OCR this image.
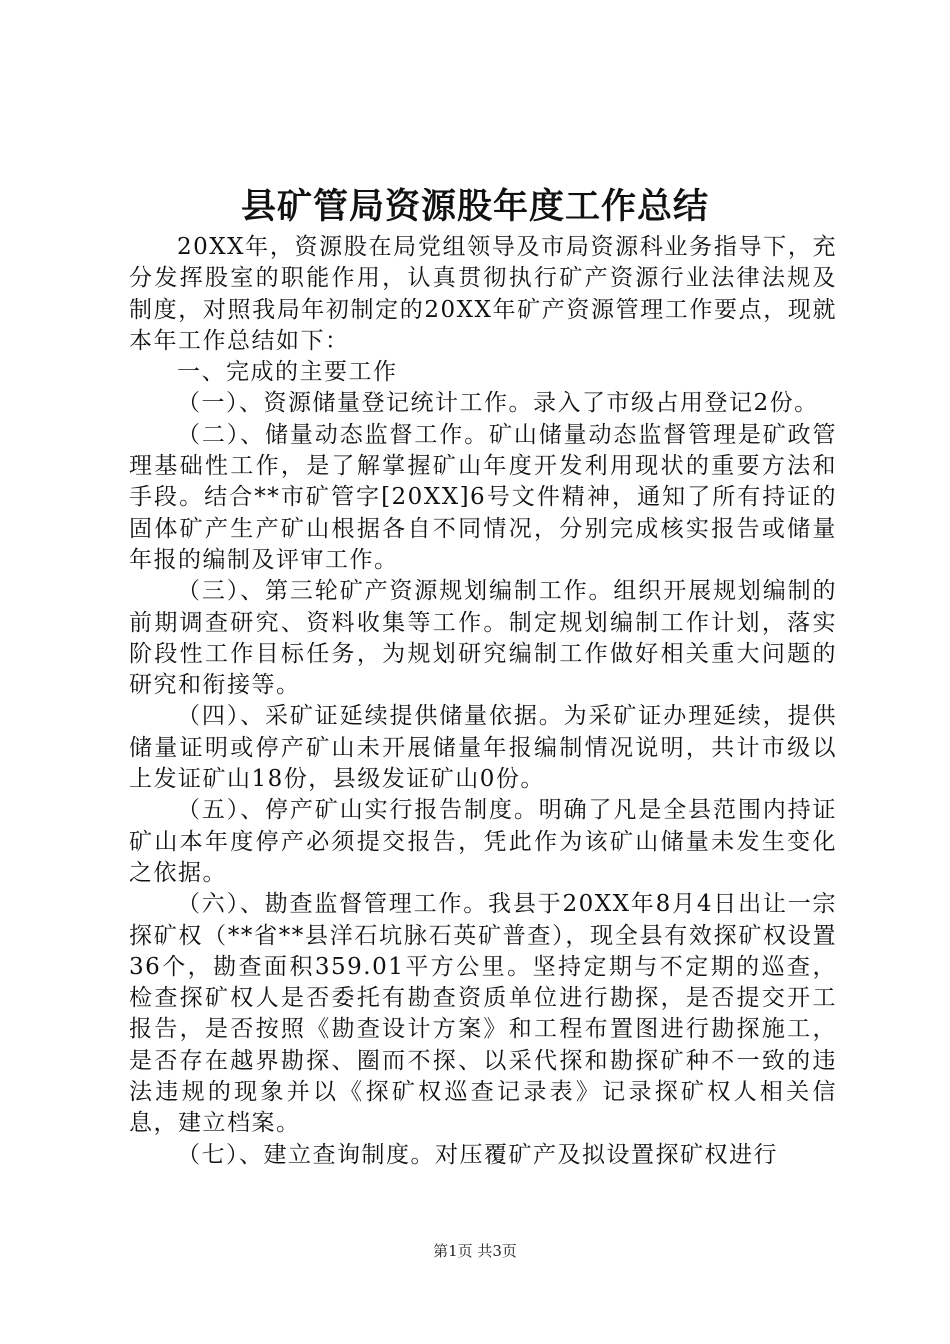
县矿管局资源股年度工作总结

20XX年，资源股在局党组领导及市局资源科业务指导下，充分发挥股室的职能作用，认真贯彻执行矿产资源行业法律法规及制度，对照我局年初制定的20XX年矿产资源管理工作要点，现就本年工作总结如下：

一、完成的主要工作

（一）、资源储量登记统计工作。录入了市级占用登记2份。

（二）、储量动态监督工作。矿山储量动态监督管理是矿政管理基础性工作，是了解掌握矿山年度开发利用现状的重要方法和手段。结合**市矿管字[20XX]6号文件精神，通知了所有持证的固体矿产生产矿山根据各自不同情况，分别完成核实报告或储量年报的编制及评审工作。

（三）、第三轮矿产资源规划编制工作。组织开展规划编制的前期调查研究、资料收集等工作。制定规划编制工作计划，落实阶段性工作目标任务，为规划研究编制工作做好相关重大问题的研究和衔接等。

（四）、采矿证延续提供储量依据。为采矿证办理延续，提供储量证明或停产矿山未开展储量年报编制情况说明，共计市级以上发证矿山18份，县级发证矿山0份。

（五）、停产矿山实行报告制度。明确了凡是全县范围内持证矿山本年度停产必须提交报告，凭此作为该矿山储量未发生变化之依据。

（六）、勘查监督管理工作。我县于20XX年8月4日出让一宗探矿权（**省**县洋石坑脉石英矿普查），现全县有效探矿权设置36个，勘查面积359.01平方公里。坚持定期与不定期的巡查，检查探矿权人是否委托有勘查资质单位进行勘探，是否提交开工报告，是否按照《勘查设计方案》和工程布置图进行勘探施工，是否存在越界勘探、圈而不探、以采代探和勘探矿种不一致的违法违规的现象并以《探矿权巡查记录表》记录探矿权人相关信息，建立档案。

（七）、建立查询制度。对压覆矿产及拟设置探矿权进行

第1页 共3页
